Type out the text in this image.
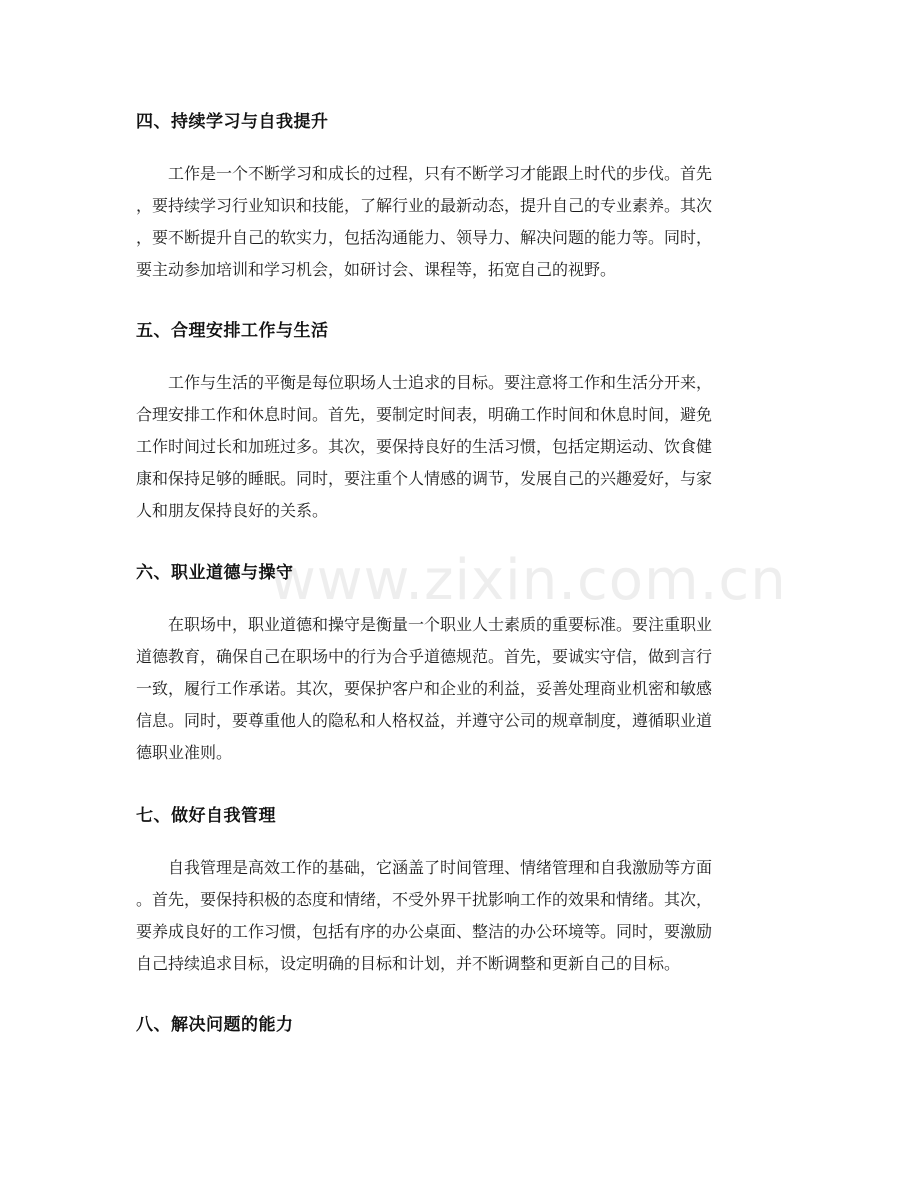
www.zixin.com.cn
四、持续学习与自我提升
工作是一个不断学习和成长的过程，只有不断学习才能跟上时代的步伐。首先
，要持续学习行业知识和技能，了解行业的最新动态，提升自己的专业素养。其次
，要不断提升自己的软实力，包括沟通能力、领导力、解决问题的能力等。同时，
要主动参加培训和学习机会，如研讨会、课程等，拓宽自己的视野。
五、合理安排工作与生活
工作与生活的平衡是每位职场人士追求的目标。要注意将工作和生活分开来，
合理安排工作和休息时间。首先，要制定时间表，明确工作时间和休息时间，避免
工作时间过长和加班过多。其次，要保持良好的生活习惯，包括定期运动、饮食健
康和保持足够的睡眠。同时，要注重个人情感的调节，发展自己的兴趣爱好，与家
人和朋友保持良好的关系。
六、职业道德与操守
在职场中，职业道德和操守是衡量一个职业人士素质的重要标准。要注重职业
道德教育，确保自己在职场中的行为合乎道德规范。首先，要诚实守信，做到言行
一致，履行工作承诺。其次，要保护客户和企业的利益，妥善处理商业机密和敏感
信息。同时，要尊重他人的隐私和人格权益，并遵守公司的规章制度，遵循职业道
德职业准则。
七、做好自我管理
自我管理是高效工作的基础，它涵盖了时间管理、情绪管理和自我激励等方面
。首先，要保持积极的态度和情绪，不受外界干扰影响工作的效果和情绪。其次，
要养成良好的工作习惯，包括有序的办公桌面、整洁的办公环境等。同时，要激励
自己持续追求目标，设定明确的目标和计划，并不断调整和更新自己的目标。
八、解决问题的能力
